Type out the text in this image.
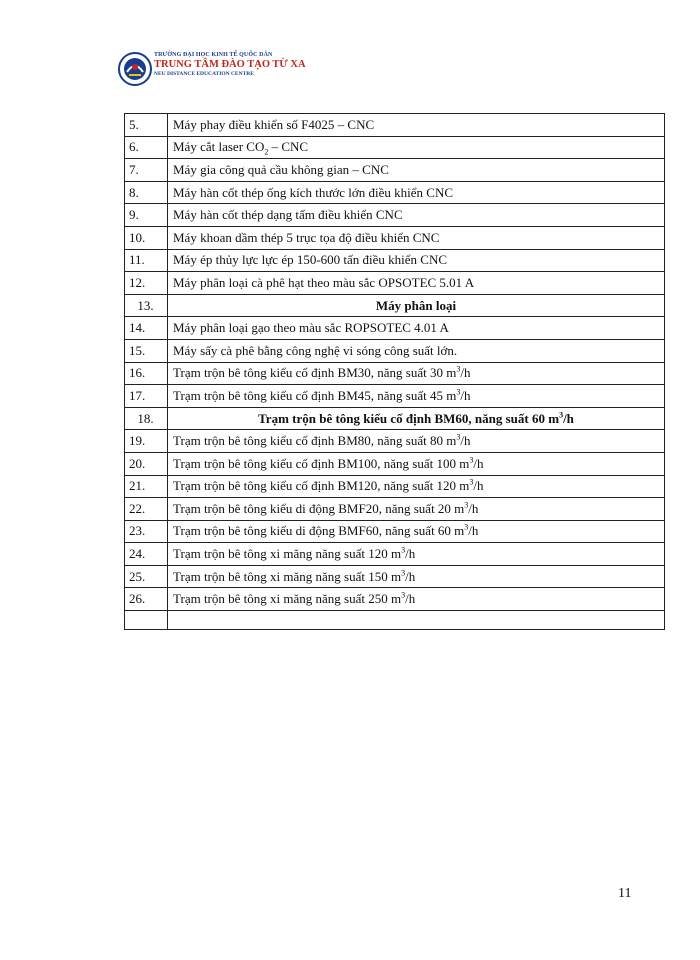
TRƯỜNG ĐẠI HỌC KINH TẾ QUỐC DÂN
TRUNG TÂM ĐÀO TẠO TỪ XA
NEU DISTANCE EDUCATION CENTRE
5.	Máy phay điều khiển số F4025 – CNC
6.	Máy cắt laser $CO_2$ – CNC
7.	Máy gia công quả cầu không gian – CNC
8.	Máy hàn cốt thép ống kích thước lớn điều khiển CNC
9.	Máy hàn cốt thép dạng tấm điều khiển CNC
10.	Máy khoan dầm thép 5 trục tọa độ điều khiển CNC
11.	Máy ép thủy lực lực ép 150-600 tấn điều khiển CNC
12.	Máy phân loại cà phê hạt theo màu sắc OPSOTEC 5.01 A
13.	Máy phân loại
14.	Máy phân loại gạo theo màu sắc ROPSOTEC 4.01 A
15.	Máy sấy cà phê bằng công nghệ vi sóng công suất lớn.
16.	Trạm trộn bê tông kiểu cố định BM30, năng suất 30 $m^3/h$
17.	Trạm trộn bê tông kiểu cố định BM45, năng suất 45 $m^3/h$
18.	Trạm trộn bê tông kiểu cố định BM60, năng suất 60 $m^3/h$
19.	Trạm trộn bê tông kiểu cố định BM80, năng suất 80 $m^3/h$
20.	Trạm trộn bê tông kiểu cố định BM100, năng suất 100 $m^3/h$
21.	Trạm trộn bê tông kiểu cố định BM120, năng suất 120 $m^3/h$
22.	Trạm trộn bê tông kiểu di động BMF20, năng suất 20 $m^3/h$
23.	Trạm trộn bê tông kiểu di động BMF60, năng suất 60 $m^3/h$
24.	Trạm trộn bê tông xi măng năng suất 120 $m^3/h$
25.	Trạm trộn bê tông xi măng năng suất 150 $m^3/h$
26.	Trạm trộn bê tông xi măng năng suất 250 $m^3/h$

11
